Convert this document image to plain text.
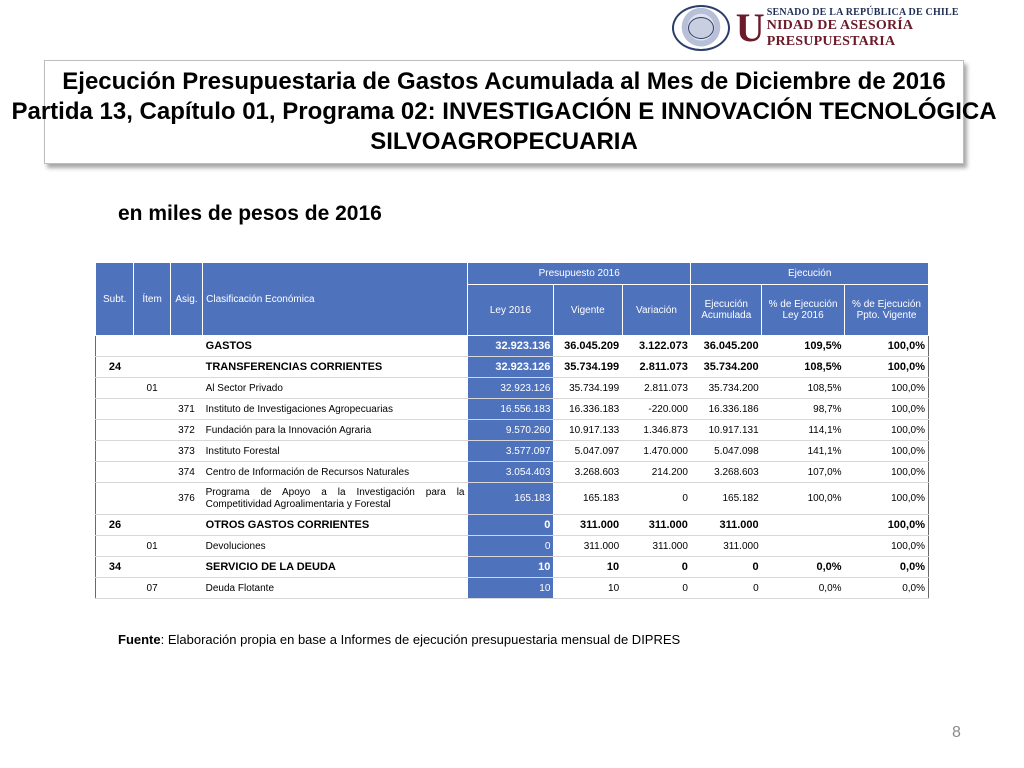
U SENADO DE LA REPÚBLICA DE CHILE
NIDAD DE ASESORÍA PRESUPUESTARIA
Ejecución Presupuestaria de Gastos Acumulada al Mes de Diciembre de 2016
Partida 13, Capítulo 01, Programa 02: INVESTIGACIÓN E INNOVACIÓN TECNOLÓGICA
SILVOAGROPECUARIA
en miles de pesos de 2016
Subt.	Ítem	Asig.	Clasificación Económica	Presupuesto 2016			Ejecución		
				Ley 2016	Vigente	Variación	Ejecución Acumulada	% de Ejecución Ley 2016	% de Ejecución Ppto. Vigente
			GASTOS	32.923.136	36.045.209	3.122.073	36.045.200	109,5%	100,0%
24			TRANSFERENCIAS CORRIENTES	32.923.126	35.734.199	2.811.073	35.734.200	108,5%	100,0%
	01		Al Sector Privado	32.923.126	35.734.199	2.811.073	35.734.200	108,5%	100,0%
		371	Instituto de Investigaciones Agropecuarias	16.556.183	16.336.183	-220.000	16.336.186	98,7%	100,0%
		372	Fundación para la Innovación Agraria	9.570.260	10.917.133	1.346.873	10.917.131	114,1%	100,0%
		373	Instituto Forestal	3.577.097	5.047.097	1.470.000	5.047.098	141,1%	100,0%
		374	Centro de Información de Recursos Naturales	3.054.403	3.268.603	214.200	3.268.603	107,0%	100,0%
		376	Programa de Apoyo a la Investigación para la Competitividad Agroalimentaria y Forestal	165.183	165.183	0	165.182	100,0%	100,0%
26			OTROS GASTOS CORRIENTES	0	311.000	311.000	311.000		100,0%
	01		Devoluciones	0	311.000	311.000	311.000		100,0%
34			SERVICIO DE LA DEUDA	10	10	0	0	0,0%	0,0%
	07		Deuda Flotante	10	10	0	0	0,0%	0,0%
Fuente: Elaboración propia en base a Informes de ejecución presupuestaria mensual de DIPRES
8
